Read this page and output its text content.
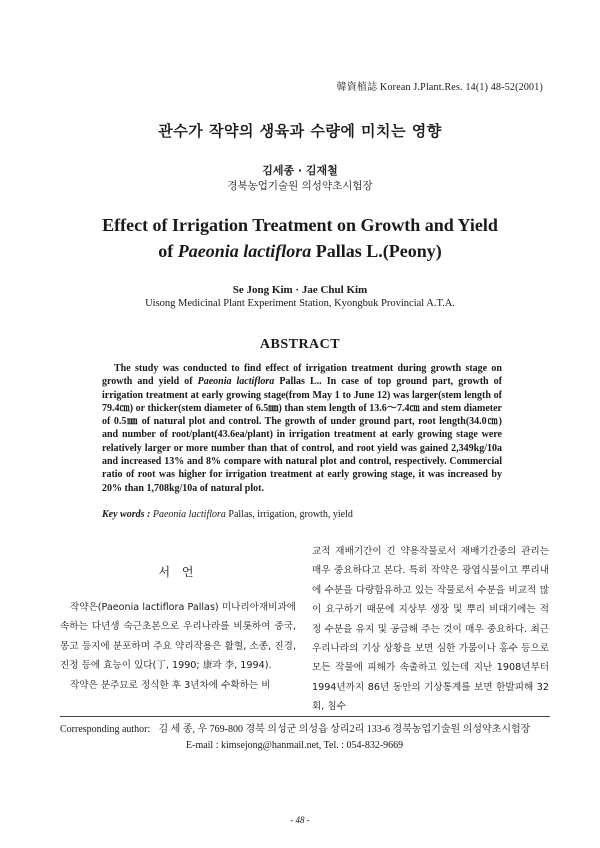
韓資植誌 Korean J.Plant.Res. 14(1) 48-52(2001)
관수가 작약의 생육과 수량에 미치는 영향
김세종 · 김재철
경북농업기술원 의성약초시험장
Effect of Irrigation Treatment on Growth and Yield
of Paeonia lactiflora Pallas L.(Peony)
Se Jong Kim · Jae Chul Kim
Uisong Medicinal Plant Experiment Station, Kyongbuk Provincial A.T.A.
ABSTRACT
The study was conducted to find effect of irrigation treatment during growth stage on growth and yield of Paeonia lactiflora Pallas L.. In case of top ground part, growth of irrigation treatment at early growing stage(from May 1 to June 12) was larger(stem length of 79.4㎝) or thicker(stem diameter of 6.5㎜) than stem length of 13.6～7.4㎝ and stem diameter of 0.5㎜ of natural plot and control. The growth of under ground part, root length(34.0㎝) and number of root/plant(43.6ea/plant) in irrigation treatment at early growing stage were relatively larger or more number than that of control, and root yield was gained 2,349kg/10a and increased 13% and 8% compare with natural plot and control, respectively. Commercial ratio of root was higher for irrigation treatment at early growing stage, it was increased by 20% than 1,708kg/10a of natural plot.
Key words : Paeonia lactiflora Pallas, irrigation, growth, yield
서 언

작약은(Paeonia lactiflora Pallas) 미나리아재비과에 속하는 다년생 숙근초본으로 우리나라를 비롯하여 중국, 몽고 등지에 분포하며 주요 약리작용은 활혈, 소종, 진경, 진정 등에 효능이 있다(丁, 1990; 康과 李, 1994).

작약은 분주묘로 정식한 후 3년차에 수확하는 비

교적 재배기간이 긴 약용작물로서 재배기간중의 관리는 매우 중요하다고 본다. 특히 작약은 광엽식물이고 뿌리내에 수분을 다량함유하고 있는 작물로서 수분을 비교적 많이 요구하기 때문에 지상부 생장 및 뿌리 비대기에는 적정 수분을 유지 및 공급해 주는 것이 매우 중요하다. 최근 우리나라의 기상 상황을 보면 심한 가뭄이나 홍수 등으로 모든 작물에 피해가 속출하고 있는데 지난 1908년부터 1994년까지 86년 동안의 기상통계를 보면 한발피해 32회, 침수

Corresponding author: 김 세 종, 우 769-800 경북 의성군 의성읍 상리2리 133-6 경북농업기술원 의성약초시험장
E-mail : kimsejong@hanmail.net, Tel. : 054-832-9669
- 48 -
